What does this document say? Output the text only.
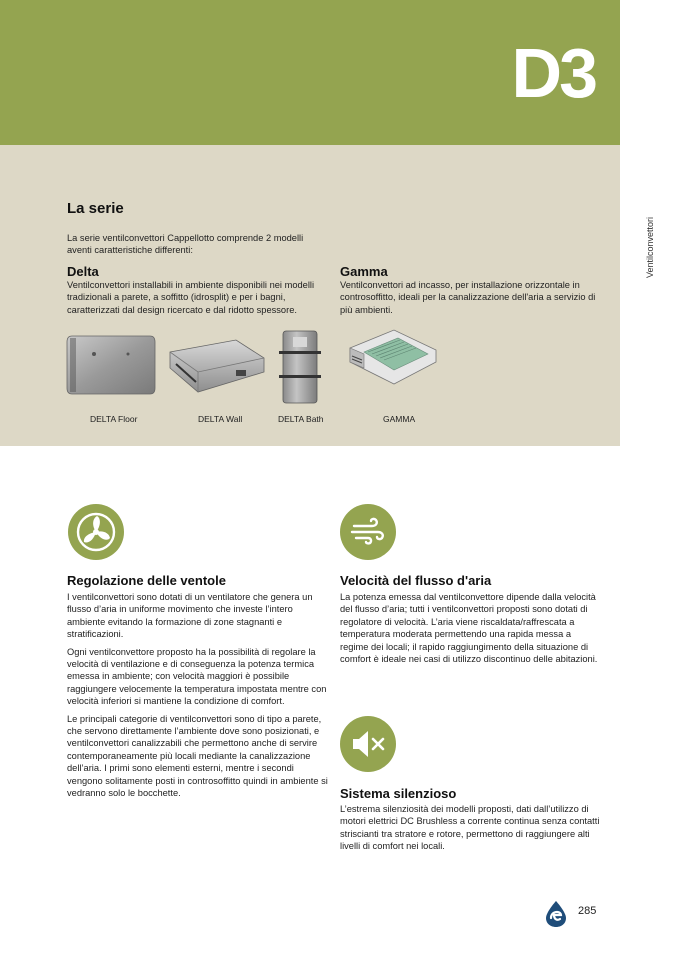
D3
Ventilconvettori
La serie

La serie ventilconvettori Cappellotto comprende 2 modelli aventi caratteristiche differenti:

Delta

Ventilconvettori installabili in ambiente disponibili nei modelli tradizionali a parete, a soffitto (idrosplit) e per i bagni, caratterizzati dal design ricercato e dal ridotto spessore.

Gamma

Ventilconvettori ad incasso, per installazione orizzontale in controsoffitto, ideali per la canalizzazione dell'aria a servizio di più ambienti.

DELTA Floor	DELTA Wall	DELTA Bath	GAMMA
Regolazione delle ventole

I ventilconvettori sono dotati di un ventilatore che genera un flusso d’aria in uniforme movimento che investe l’intero ambiente evitando la formazione di zone stagnanti e stratificazioni.

Ogni ventilconvettore proposto ha la possibilità di regolare la velocità di ventilazione e di conseguenza la potenza termica emessa in ambiente; con velocità maggiori è possibile raggiungere velocemente la temperatura impostata mentre con velocità inferiori si mantiene la condizione di comfort.

Le principali categorie di ventilconvettori sono di tipo a parete, che servono direttamente l’ambiente dove sono posizionati, e ventilconvettori canalizzabili che permettono anche di servire contemporaneamente più locali mediante la canalizzazione dell’aria. I primi sono elementi esterni, mentre i secondi vengono solitamente posti in controsoffitto quindi in ambiente si vedranno solo le bocchette.

Velocità del flusso d'aria

La potenza emessa dal ventilconvettore dipende dalla velocità del flusso d’aria; tutti i ventilconvettori proposti sono dotati di regolatore di velocità. L’aria viene riscaldata/raffrescata a temperatura moderata permettendo una rapida messa a regime dei locali; il rapido raggiungimento della situazione di comfort è ideale nei casi di utilizzo discontinuo delle abitazioni.

Sistema silenzioso

L’estrema silenziosità dei modelli proposti, dati dall’utilizzo di motori elettrici DC Brushless a corrente continua senza contatti striscianti tra stratore e rotore, permettono di raggiungere alti livelli di comfort nei locali.

285
